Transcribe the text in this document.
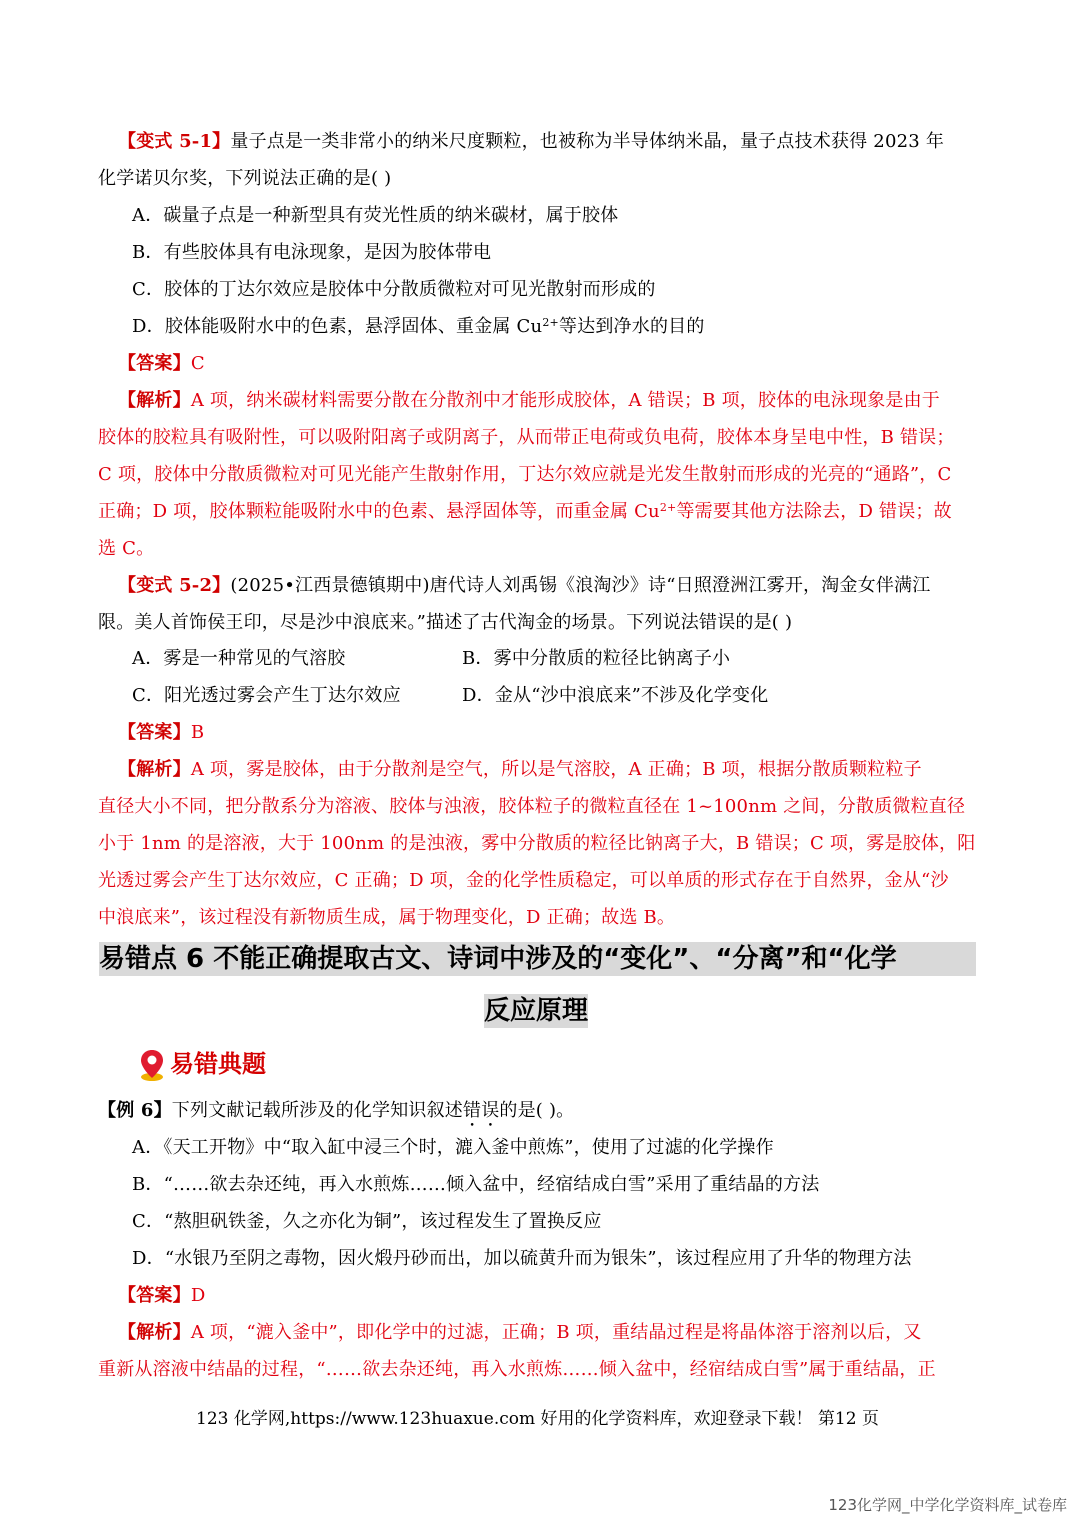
【变式 5-1】量子点是一类非常小的纳米尺度颗粒，也被称为半导体纳米晶，量子点技术获得 2023 年
化学诺贝尔奖，下列说法正确的是( )
A．碳量子点是一种新型具有荧光性质的纳米碳材，属于胶体
B．有些胶体具有电泳现象，是因为胶体带电
C．胶体的丁达尔效应是胶体中分散质微粒对可见光散射而形成的
D．胶体能吸附水中的色素，悬浮固体、重金属 $Cu^{2+}$等达到净水的目的
【答案】C
【解析】A 项，纳米碳材料需要分散在分散剂中才能形成胶体，A 错误；B 项，胶体的电泳现象是由于
胶体的胶粒具有吸附性，可以吸附阳离子或阴离子，从而带正电荷或负电荷，胶体本身呈电中性，B 错误；
C 项，胶体中分散质微粒对可见光能产生散射作用，丁达尔效应就是光发生散射而形成的光亮的“通路”，C
正确；D 项，胶体颗粒能吸附水中的色素、悬浮固体等，而重金属 $Cu^{2+}$等需要其他方法除去，D 错误；故
选 C。
【变式 5-2】(2025•江西景德镇期中)唐代诗人刘禹锡《浪淘沙》诗“日照澄洲江雾开，淘金女伴满江
限。美人首饰侯王印，尽是沙中浪底来。”描述了古代淘金的场景。下列说法错误的是( )
A．雾是一种常见的气溶胶	B．雾中分散质的粒径比钠离子小
C．阳光透过雾会产生丁达尔效应	D．金从“沙中浪底来”不涉及化学变化
【答案】B
【解析】A 项，雾是胶体，由于分散剂是空气，所以是气溶胶，A 正确；B 项，根据分散质颗粒粒子
直径大小不同，把分散系分为溶液、胶体与浊液，胶体粒子的微粒直径在 1~100nm 之间，分散质微粒直径
小于 1nm 的是溶液，大于 100nm 的是浊液，雾中分散质的粒径比钠离子大，B 错误；C 项，雾是胶体，阳
光透过雾会产生丁达尔效应，C 正确；D 项，金的化学性质稳定，可以单质的形式存在于自然界，金从“沙
中浪底来”，该过程没有新物质生成，属于物理变化，D 正确；故选 B。
易错点 6 不能正确提取古文、诗词中涉及的“变化”、“分离”和“化学
反应原理
易错典题
【例 6】下列文献记载所涉及的化学知识叙述错误的是( )。
A．《天工开物》中“取入缸中浸三个时，漉入釜中煎炼”，使用了过滤的化学操作
B．“……欲去杂还纯，再入水煎炼……倾入盆中，经宿结成白雪”采用了重结晶的方法
C．“熬胆矾铁釜，久之亦化为铜”，该过程发生了置换反应
D．“水银乃至阴之毒物，因火煅丹砂而出，加以硫黄升而为银朱”，该过程应用了升华的物理方法
【答案】D
【解析】A 项，“漉入釜中”，即化学中的过滤，正确；B 项，重结晶过程是将晶体溶于溶剂以后，又
重新从溶液中结晶的过程，“……欲去杂还纯，再入水煎炼……倾入盆中，经宿结成白雪”属于重结晶，正
123 化学网,https://www.123huaxue.com 好用的化学资料库，欢迎登录下载！ 第12 页
123化学网_中学化学资料库_试卷库
